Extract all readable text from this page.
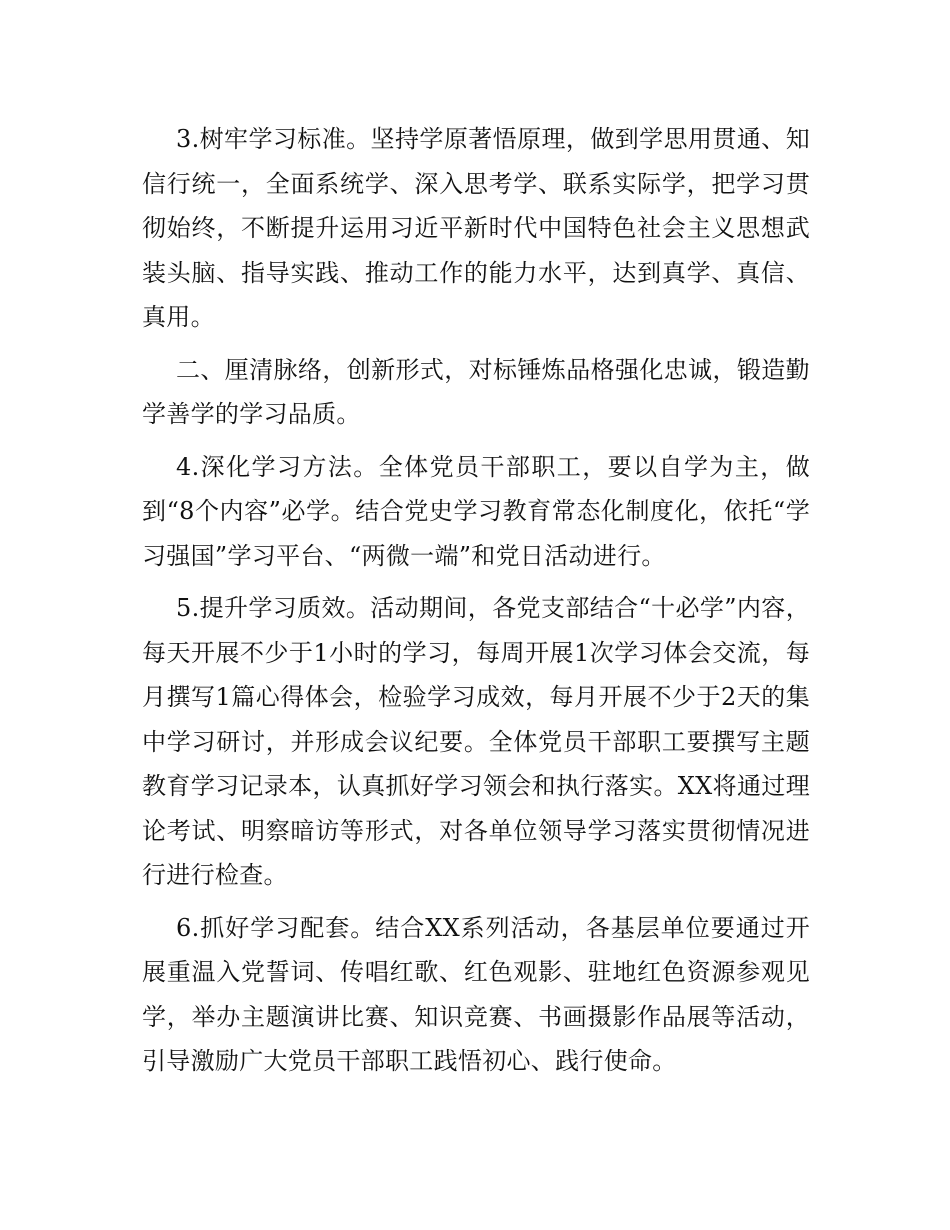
3.树牢学习标准。坚持学原著悟原理，做到学思用贯通、知信行统一，全面系统学、深入思考学、联系实际学，把学习贯彻始终，不断提升运用习近平新时代中国特色社会主义思想武装头脑、指导实践、推动工作的能力水平，达到真学、真信、真用。

二、厘清脉络，创新形式，对标锤炼品格强化忠诚，锻造勤学善学的学习品质。

4.深化学习方法。全体党员干部职工，要以自学为主，做到“8个内容”必学。结合党史学习教育常态化制度化，依托“学习强国”学习平台、“两微一端”和党日活动进行。

5.提升学习质效。活动期间，各党支部结合“十必学”内容，每天开展不少于1小时的学习，每周开展1次学习体会交流，每月撰写1篇心得体会，检验学习成效，每月开展不少于2天的集中学习研讨，并形成会议纪要。全体党员干部职工要撰写主题教育学习记录本，认真抓好学习领会和执行落实。XX将通过理论考试、明察暗访等形式，对各单位领导学习落实贯彻情况进行进行检查。

6.抓好学习配套。结合XX系列活动，各基层单位要通过开展重温入党誓词、传唱红歌、红色观影、驻地红色资源参观见学，举办主题演讲比赛、知识竞赛、书画摄影作品展等活动，引导激励广大党员干部职工践悟初心、践行使命。
